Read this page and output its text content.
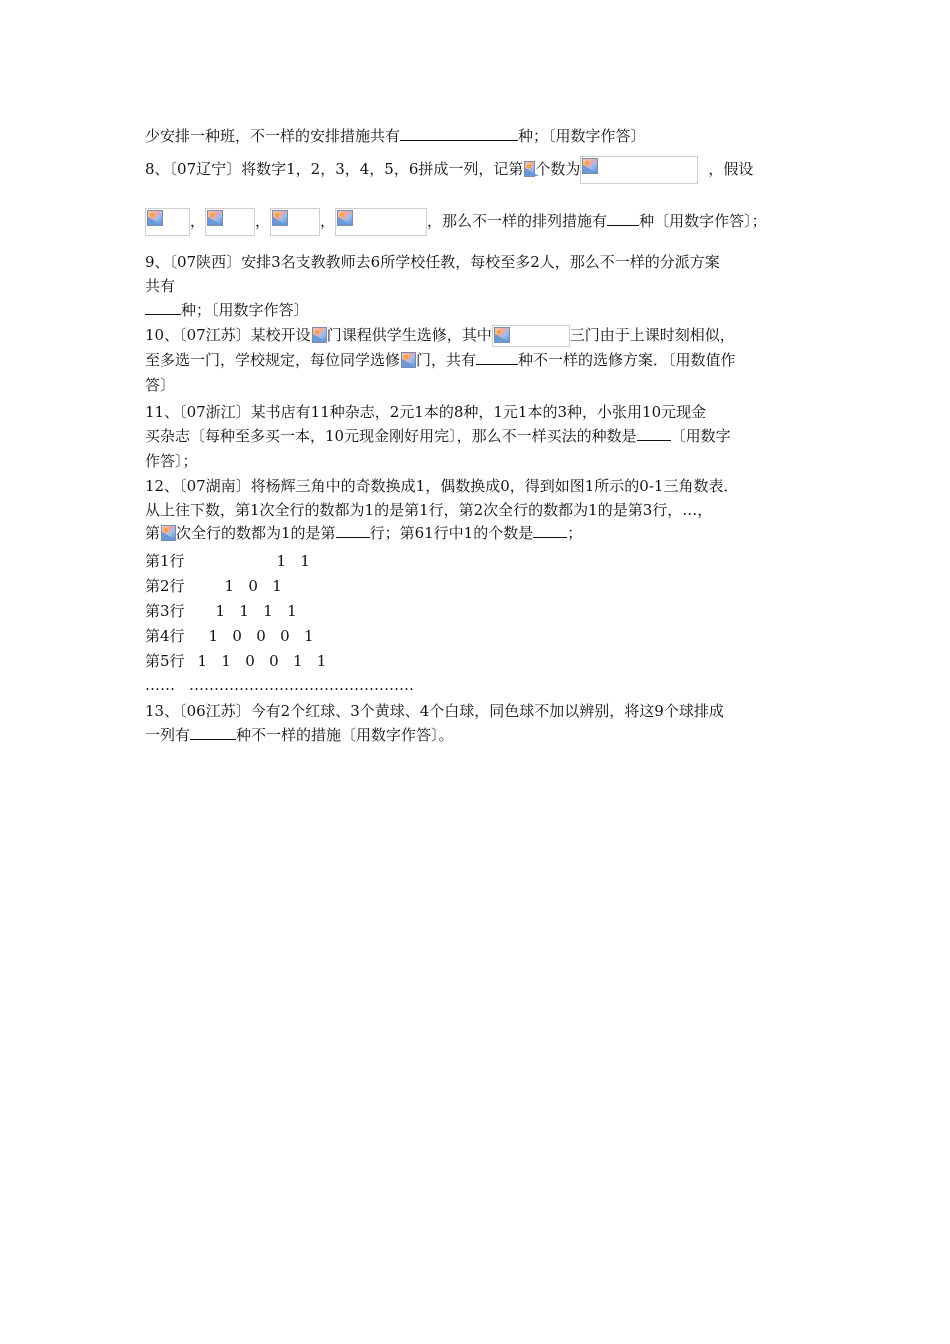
少安排一种班，不一样的安排措施共有	种；〔用数字作答〕
8、〔07辽宁〕将数字1，2，3，4，5，6拼成一列，记第 个数为	，假设
，	，	，	，那么不一样的排列措施有 种〔用数字作答〕；
9、〔07陕西〕安排3名支教教师去6所学校任教，每校至多2人，那么不一样的分派方案
共有
种；〔用数字作答〕
10、〔07江苏〕某校开设 门课程供学生选修，其中	三门由于上课时刻相似，
至多选一门，学校规定，每位同学选修 门，共有	种不一样的选修方案．〔用数值作
答〕
11、〔07浙江〕某书店有11种杂志，2元1本的8种，1元1本的3种，小张用10元现金
买杂志〔每种至多买一本，10元现金刚好用完〕，那么不一样买法的种数是 〔用数字
作答〕；
12、〔07湖南〕将杨辉三角中的奇数换成1，偶数换成0，得到如图1所示的0-1三角数表．
从上往下数，第1次全行的数都为1的是第1行，第2次全行的数都为1的是第3行，…，
第 次全行的数都为1的是第 行；第61行中1的个数是 ；
第1行	1   1
第2行	1   0   1
第3行 1   1   1   1
第4行 1   0   0   0   1
第5行 1   1   0   0   1   1
…… ………………………………………
13、〔06江苏〕今有2个红球、3个黄球、4个白球，同色球不加以辨别，将这9个球排成
一列有	种不一样的措施〔用数字作答〕。
